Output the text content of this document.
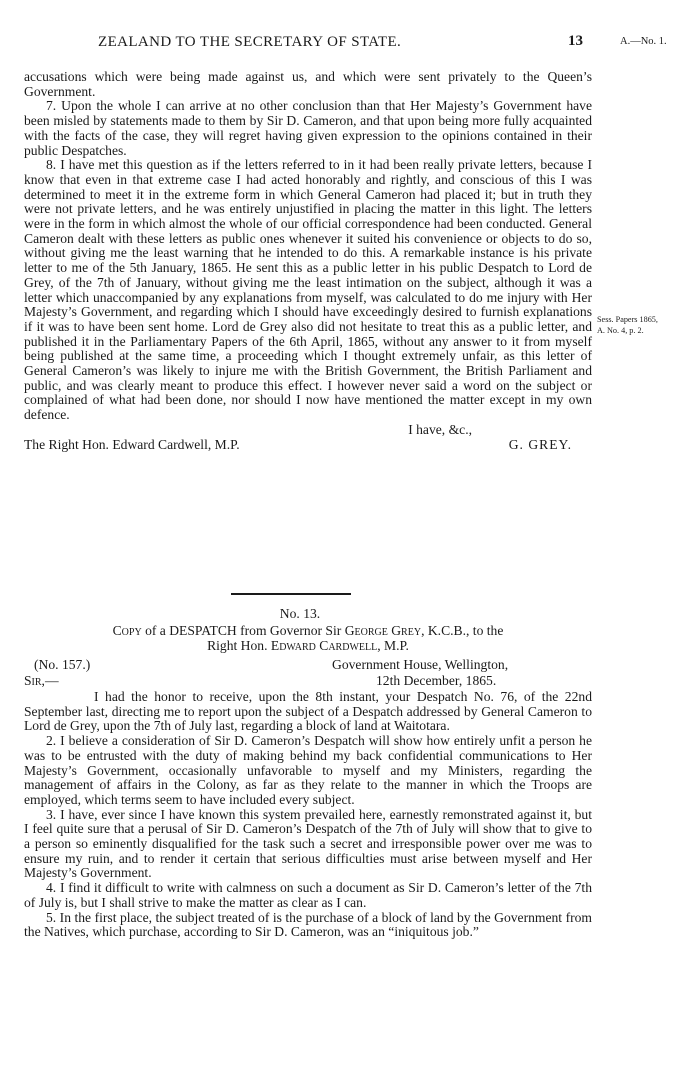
ZEALAND TO THE SECRETARY OF STATE.	13	A.—No. 1.
Sess. Papers 1865,
A. No. 4, p. 2.

accusations which were being made against us, and which were sent privately to the Queen’s Government.

7. Upon the whole I can arrive at no other conclusion than that Her Majesty’s Government have been misled by statements made to them by Sir D. Cameron, and that upon being more fully acquainted with the facts of the case, they will regret having given expression to the opinions contained in their public Despatches.

8. I have met this question as if the letters referred to in it had been really private letters, because I know that even in that extreme case I had acted honorably and rightly, and conscious of this I was determined to meet it in the extreme form in which General Cameron had placed it; but in truth they were not private letters, and he was entirely unjustified in placing the matter in this light. The letters were in the form in which almost the whole of our official correspondence had been conducted. General Cameron dealt with these letters as public ones whenever it suited his convenience or objects to do so, without giving me the least warning that he intended to do this. A remarkable instance is his private letter to me of the 5th January, 1865. He sent this as a public letter in his public Despatch to Lord de Grey, of the 7th of January, without giving me the least intimation on the subject, although it was a letter which unaccompanied by any explanations from myself, was calculated to do me injury with Her Majesty’s Government, and regarding which I should have exceedingly desired to furnish explanations if it was to have been sent home. Lord de Grey also did not hesitate to treat this as a public letter, and published it in the Parliamentary Papers of the 6th April, 1865, without any answer to it from myself being published at the same time, a proceeding which I thought extremely unfair, as this letter of General Cameron’s was likely to injure me with the British Government, the British Parliament and public, and was clearly meant to produce this effect. I however never said a word on the subject or complained of what had been done, nor should I now have mentioned the matter except in my own defence.

I have, &c.,
The Right Hon. Edward Cardwell, M.P.	G. GREY.
No. 13.
Copy of a DESPATCH from Governor Sir George Grey, K.C.B., to the
Right Hon. Edward Cardwell, M.P.
(No. 157.)	Government House, Wellington,
Sir,—	12th December, 1865.

I had the honor to receive, upon the 8th instant, your Despatch No. 76, of the 22nd September last, directing me to report upon the subject of a Despatch addressed by General Cameron to Lord de Grey, upon the 7th of July last, regarding a block of land at Waitotara.

2. I believe a consideration of Sir D. Cameron’s Despatch will show how entirely unfit a person he was to be entrusted with the duty of making behind my back confidential communications to Her Majesty’s Government, occasionally unfavorable to myself and my Ministers, regarding the management of affairs in the Colony, as far as they relate to the manner in which the Troops are employed, which terms seem to have included every subject.

3. I have, ever since I have known this system prevailed here, earnestly remonstrated against it, but I feel quite sure that a perusal of Sir D. Cameron’s Despatch of the 7th of July will show that to give to a person so eminently disqualified for the task such a secret and irresponsible power over me was to ensure my ruin, and to render it certain that serious difficulties must arise between myself and Her Majesty’s Government.

4. I find it difficult to write with calmness on such a document as Sir D. Cameron’s letter of the 7th of July is, but I shall strive to make the matter as clear as I can.

5. In the first place, the subject treated of is the purchase of a block of land by the Government from the Natives, which purchase, according to Sir D. Cameron, was an “iniquitous job.”
